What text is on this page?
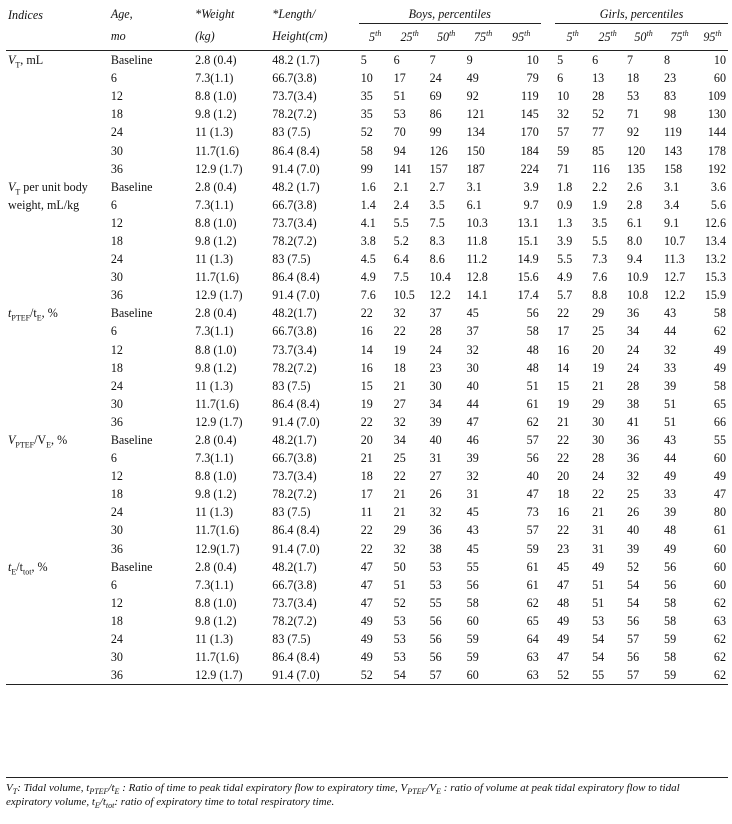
Indices	Age,	*Weight	*Length/	Boys, percentiles						Girls, percentiles				
	mo	(kg)	Height(cm)	5th	25th	50th	75th	95th		5th	25th	50th	75th	95th
$V_T$, mL	Baseline	2.8 (0.4)	48.2 (1.7)	5	6	7	9	10		5	6	7	8	10
	6	7.3(1.1)	66.7(3.8)	10	17	24	49	79		6	13	18	23	60
	12	8.8 (1.0)	73.7(3.4)	35	51	69	92	119		10	28	53	83	109
	18	9.8 (1.2)	78.2(7.2)	35	53	86	121	145		32	52	71	98	130
	24	11 (1.3)	83 (7.5)	52	70	99	134	170		57	77	92	119	144
	30	11.7(1.6)	86.4 (8.4)	58	94	126	150	184		59	85	120	143	178
	36	12.9 (1.7)	91.4 (7.0)	99	141	157	187	224		71	116	135	158	192
$V_T$ per unit body	Baseline	2.8 (0.4)	48.2 (1.7)	1.6	2.1	2.7	3.1	3.9		1.8	2.2	2.6	3.1	3.6
weight, mL/kg	6	7.3(1.1)	66.7(3.8)	1.4	2.4	3.5	6.1	9.7		0.9	1.9	2.8	3.4	5.6
	12	8.8 (1.0)	73.7(3.4)	4.1	5.5	7.5	10.3	13.1		1.3	3.5	6.1	9.1	12.6
	18	9.8 (1.2)	78.2(7.2)	3.8	5.2	8.3	11.8	15.1		3.9	5.5	8.0	10.7	13.4
	24	11 (1.3)	83 (7.5)	4.5	6.4	8.6	11.2	14.9		5.5	7.3	9.4	11.3	13.2
	30	11.7(1.6)	86.4 (8.4)	4.9	7.5	10.4	12.8	15.6		4.9	7.6	10.9	12.7	15.3
	36	12.9 (1.7)	91.4 (7.0)	7.6	10.5	12.2	14.1	17.4		5.7	8.8	10.8	12.2	15.9
$t_{PTEF}/t_E$, %	Baseline	2.8 (0.4)	48.2(1.7)	22	32	37	45	56		22	29	36	43	58
	6	7.3(1.1)	66.7(3.8)	16	22	28	37	58		17	25	34	44	62
	12	8.8 (1.0)	73.7(3.4)	14	19	24	32	48		16	20	24	32	49
	18	9.8 (1.2)	78.2(7.2)	16	18	23	30	48		14	19	24	33	49
	24	11 (1.3)	83 (7.5)	15	21	30	40	51		15	21	28	39	58
	30	11.7(1.6)	86.4 (8.4)	19	27	34	44	61		19	29	38	51	65
	36	12.9 (1.7)	91.4 (7.0)	22	32	39	47	62		21	30	41	51	66
$V_{PTEF}/V_E$, %	Baseline	2.8 (0.4)	48.2(1.7)	20	34	40	46	57		22	30	36	43	55
	6	7.3(1.1)	66.7(3.8)	21	25	31	39	56		22	28	36	44	60
	12	8.8 (1.0)	73.7(3.4)	18	22	27	32	40		20	24	32	49	49
	18	9.8 (1.2)	78.2(7.2)	17	21	26	31	47		18	22	25	33	47
	24	11 (1.3)	83 (7.5)	11	21	32	45	73		16	21	26	39	80
	30	11.7(1.6)	86.4 (8.4)	22	29	36	43	57		22	31	40	48	61
	36	12.9(1.7)	91.4 (7.0)	22	32	38	45	59		23	31	39	49	60
$t_E/t_{tot}$, %	Baseline	2.8 (0.4)	48.2(1.7)	47	50	53	55	61		45	49	52	56	60
	6	7.3(1.1)	66.7(3.8)	47	51	53	56	61		47	51	54	56	60
	12	8.8 (1.0)	73.7(3.4)	47	52	55	58	62		48	51	54	58	62
	18	9.8 (1.2)	78.2(7.2)	49	53	56	60	65		49	53	56	58	63
	24	11 (1.3)	83 (7.5)	49	53	56	59	64		49	54	57	59	62
	30	11.7(1.6)	86.4 (8.4)	49	53	56	59	63		47	54	56	58	62
	36	12.9 (1.7)	91.4 (7.0)	52	54	57	60	63		52	55	57	59	62
$V_T$: Tidal volume, $t_{PTEF}/t_E$ : Ratio of time to peak tidal expiratory flow to expiratory time, $V_{PTEF}/V_E$ : ratio of volume at peak tidal expiratory flow to tidal expiratory volume, $t_E/t_{tot}$: ratio of expiratory time to total respiratory time.
